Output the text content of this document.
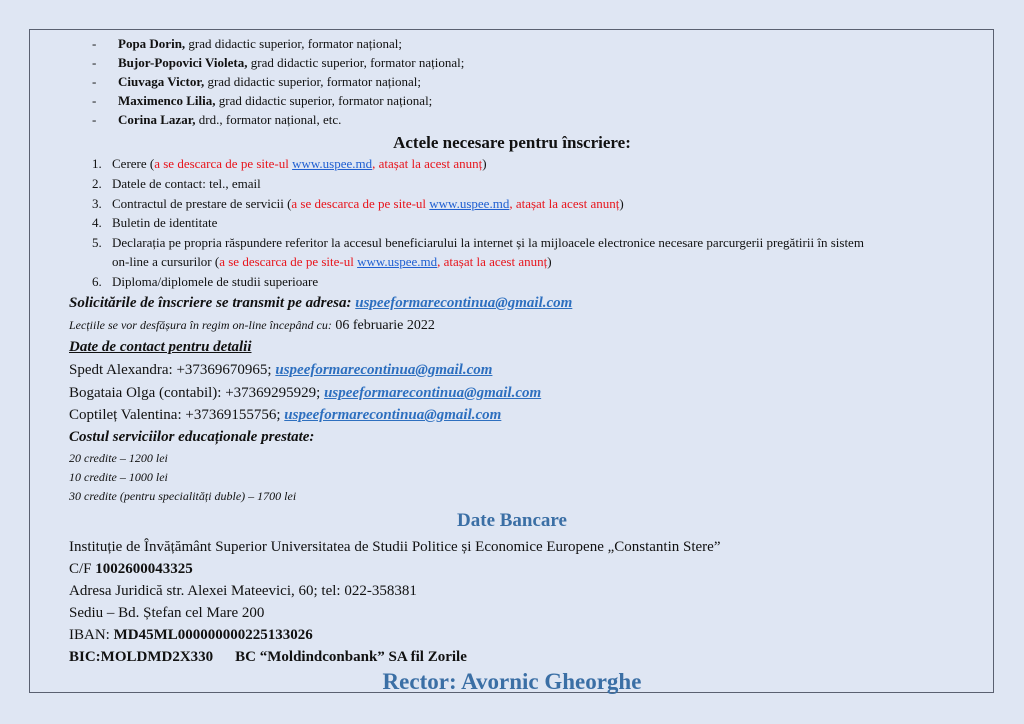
- Popa Dorin, grad didactic superior, formator național;
- Bujor-Popovici Violeta, grad didactic superior, formator național;
- Ciuvaga Victor, grad didactic superior, formator național;
- Maximenco Lilia, grad didactic superior, formator național;
- Corina Lazar, drd., formator național, etc.
Actele necesare pentru înscriere:
1. Cerere (a se descarca de pe site-ul www.uspee.md, atașat la acest anunț)
2. Datele de contact: tel., email
3. Contractul de prestare de servicii (a se descarca de pe site-ul www.uspee.md, atașat la acest anunț)
4. Buletin de identitate
5. Declarația pe propria răspundere referitor la accesul beneficiarului la internet și la mijloacele electronice necesare parcurgerii pregătirii în sistem
on-line a cursurilor (a se descarca de pe site-ul www.uspee.md, atașat la acest anunț)
6. Diploma/diplomele de studii superioare
Solicitările de înscriere se transmit pe adresa: uspeeformarecontinua@gmail.com
Lecțiile se vor desfășura în regim on-line începând cu: 06 februarie 2022
Date de contact pentru detalii
Spedt Alexandra: +37369670965; uspeeformarecontinua@gmail.com
Bogataia Olga (contabil): +37369295929; uspeeformarecontinua@gmail.com
Coptileț Valentina: +37369155756; uspeeformarecontinua@gmail.com
Costul serviciilor educaționale prestate:
20 credite – 1200 lei
10 credite – 1000 lei
30 credite (pentru specialități duble) – 1700 lei
Date Bancare
Instituție de Învățământ Superior Universitatea de Studii Politice și Economice Europene „Constantin Stere”
C/F 1002600043325
Adresa Juridică str. Alexei Mateevici, 60; tel: 022-358381
Sediu – Bd. Ștefan cel Mare 200
IBAN: MD45ML000000000225133026
BIC:MOLDMD2X330 BC “Moldindconbank” SA fil Zorile
Rector: Avornic Gheorghe
